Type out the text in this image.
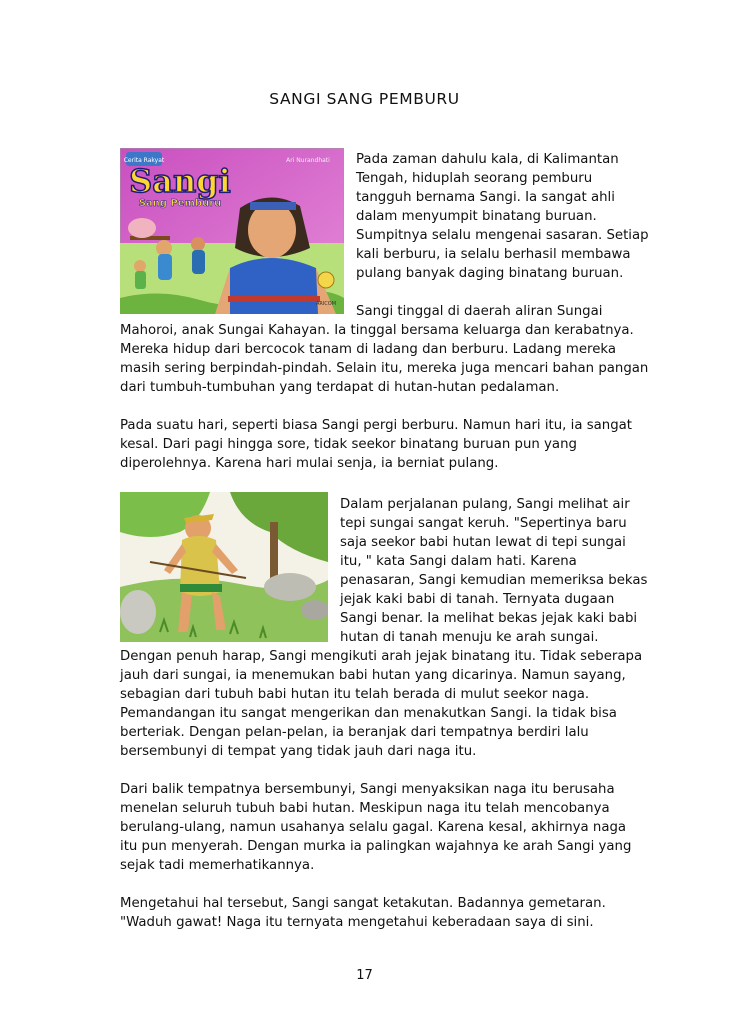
SANGI SANG PEMBURU
Cerita Rakyat	Ari Nurandhati
Sangi
Sang Pemburu
ARICOM
Pada zaman dahulu kala, di Kalimantan
Tengah, hiduplah seorang pemburu
tangguh bernama Sangi. Ia sangat ahli
dalam menyumpit binatang buruan.
Sumpitnya selalu mengenai sasaran. Setiap
kali berburu, ia selalu berhasil membawa
pulang banyak daging binatang buruan.
Sangi tinggal di daerah aliran Sungai
Mahoroi, anak Sungai Kahayan. Ia tinggal bersama keluarga dan kerabatnya.
Mereka hidup dari bercocok tanam di ladang dan berburu. Ladang mereka
masih sering berpindah-pindah. Selain itu, mereka juga mencari bahan pangan
dari tumbuh-tumbuhan yang terdapat di hutan-hutan pedalaman.
Pada suatu hari, seperti biasa Sangi pergi berburu. Namun hari itu, ia sangat
kesal. Dari pagi hingga sore, tidak seekor binatang buruan pun yang
diperolehnya. Karena hari mulai senja, ia berniat pulang.
Dalam perjalanan pulang, Sangi melihat air
tepi sungai sangat keruh. "Sepertinya baru
saja seekor babi hutan lewat di tepi sungai
itu, " kata Sangi dalam hati. Karena
penasaran, Sangi kemudian memeriksa bekas
jejak kaki babi di tanah. Ternyata dugaan
Sangi benar. Ia melihat bekas jejak kaki babi
hutan di tanah menuju ke arah sungai.
Dengan penuh harap, Sangi mengikuti arah jejak binatang itu. Tidak seberapa
jauh dari sungai, ia menemukan babi hutan yang dicarinya. Namun sayang,
sebagian dari tubuh babi hutan itu telah berada di mulut seekor naga.
Pemandangan itu sangat mengerikan dan menakutkan Sangi. Ia tidak bisa
berteriak. Dengan pelan-pelan, ia beranjak dari tempatnya berdiri lalu
bersembunyi di tempat yang tidak jauh dari naga itu.
Dari balik tempatnya bersembunyi, Sangi menyaksikan naga itu berusaha
menelan seluruh tubuh babi hutan. Meskipun naga itu telah mencobanya
berulang-ulang, namun usahanya selalu gagal. Karena kesal, akhirnya naga
itu pun menyerah. Dengan murka ia palingkan wajahnya ke arah Sangi yang
sejak tadi memerhatikannya.
Mengetahui hal tersebut, Sangi sangat ketakutan. Badannya gemetaran.
"Waduh gawat! Naga itu ternyata mengetahui keberadaan saya di sini.
17
